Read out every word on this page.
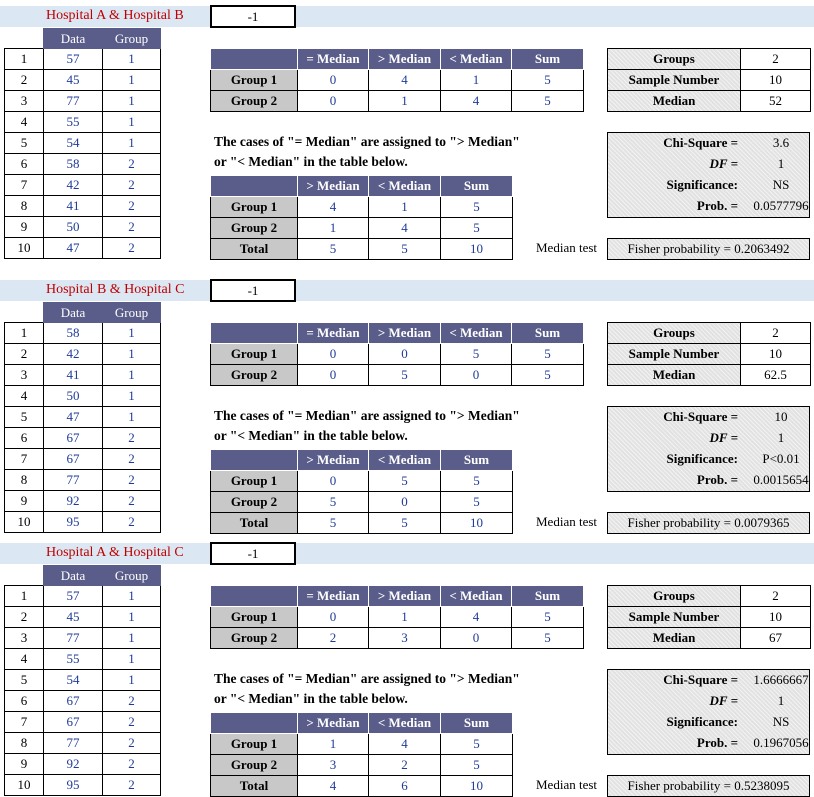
Hospital A & Hospital B	-1
	Data	Group
1	57	1
2	45	1
3	77	1
4	55	1
5	54	1
6	58	2
7	42	2
8	41	2
9	50	2
10	47	2
	= Median	> Median	< Median	Sum
Group 1	0	4	1	5
Group 2	0	1	4	5
Groups	2
Sample Number	10
Median	52
The cases of "= Median" are assigned to "> Median"
or "< Median" in the table below.
	> Median	< Median	Sum
Group 1	4	1	5
Group 2	1	4	5
Total	5	5	10
Chi-Square =	3.6
DF =	1
Significance:	NS
Prob. =	0.0577796
Median test	Fisher probability = 0.2063492
Hospital B & Hospital C	-1
	Data	Group
1	58	1
2	42	1
3	41	1
4	50	1
5	47	1
6	67	2
7	67	2
8	77	2
9	92	2
10	95	2
	= Median	> Median	< Median	Sum
Group 1	0	0	5	5
Group 2	0	5	0	5
Groups	2
Sample Number	10
Median	62.5
The cases of "= Median" are assigned to "> Median"
or "< Median" in the table below.
	> Median	< Median	Sum
Group 1	0	5	5
Group 2	5	0	5
Total	5	5	10
Chi-Square =	10
DF =	1
Significance:	P<0.01
Prob. =	0.0015654
Median test	Fisher probability = 0.0079365
Hospital A & Hospital C	-1
	Data	Group
1	57	1
2	45	1
3	77	1
4	55	1
5	54	1
6	67	2
7	67	2
8	77	2
9	92	2
10	95	2
	= Median	> Median	< Median	Sum
Group 1	0	1	4	5
Group 2	2	3	0	5
Groups	2
Sample Number	10
Median	67
The cases of "= Median" are assigned to "> Median"
or "< Median" in the table below.
	> Median	< Median	Sum
Group 1	1	4	5
Group 2	3	2	5
Total	4	6	10
Chi-Square =	1.6666667
DF =	1
Significance:	NS
Prob. =	0.1967056
Median test	Fisher probability = 0.5238095
